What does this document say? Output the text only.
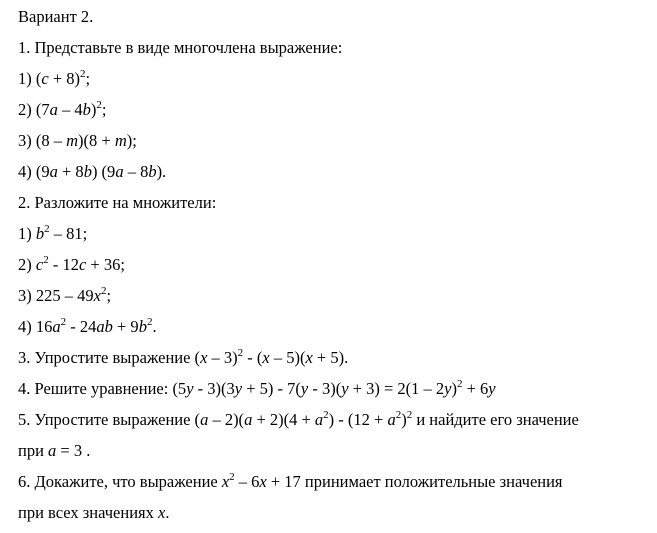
Вариант 2.
1. Представьте в виде многочлена выражение:
1) $(c + 8)^2$;
2) (7a – 4b)$^2$;
3) (8 – m)(8 + m);
4) (9a + 8b) (9a – 8b).
2. Разложите на множители:
1) $b^2 - 81$;
2) $c^2 - 12c + 36$;
3) $225 - 49x^2$;
4) $16a^2 - 24ab + 9b^2$.
3. Упростите выражение (x – 3)$^2$ - (x – 5)(x + 5).
4. Решите уравнение: (5y - 3)(3y + 5) - 7(y - 3)(y + 3) = 2(1 – 2y)$^2$ + 6y
5. Упростите выражение $(a - 2)(a + 2)(4 + a^2) - (12 + a^2)^2$ и найдите его значение
при a = 3 .
6. Докажите, что выражение $x^2 - 6x + 17$ принимает положительные значения
при всех значениях x.
